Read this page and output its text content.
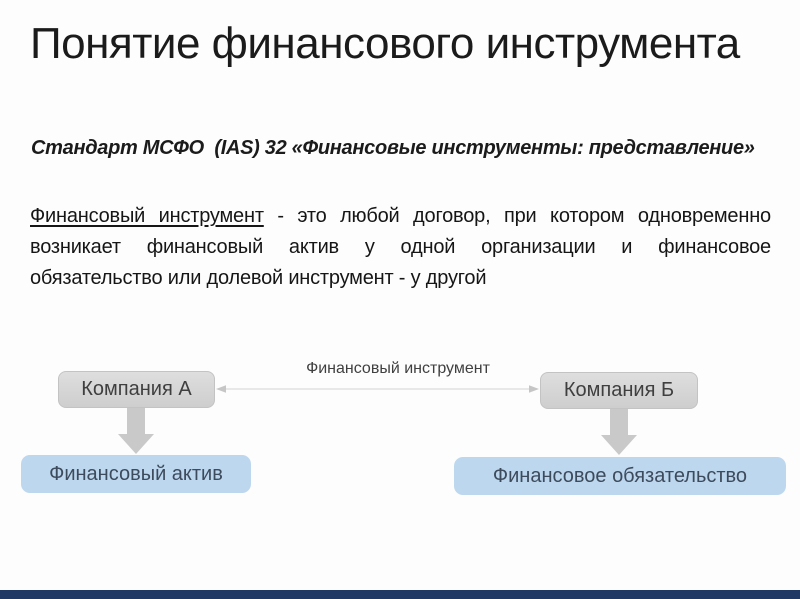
Понятие финансового инструмента
Стандарт МСФО  (IAS) 32 «Финансовые инструменты: представление»
Финансовый инструмент - это любой договор, при котором одновременно
возникает финансовый актив у одной организации и финансовое
обязательство или долевой инструмент - у другой
Финансовый инструмент
Компания А	Компания Б
Финансовый актив	Финансовое обязательство
